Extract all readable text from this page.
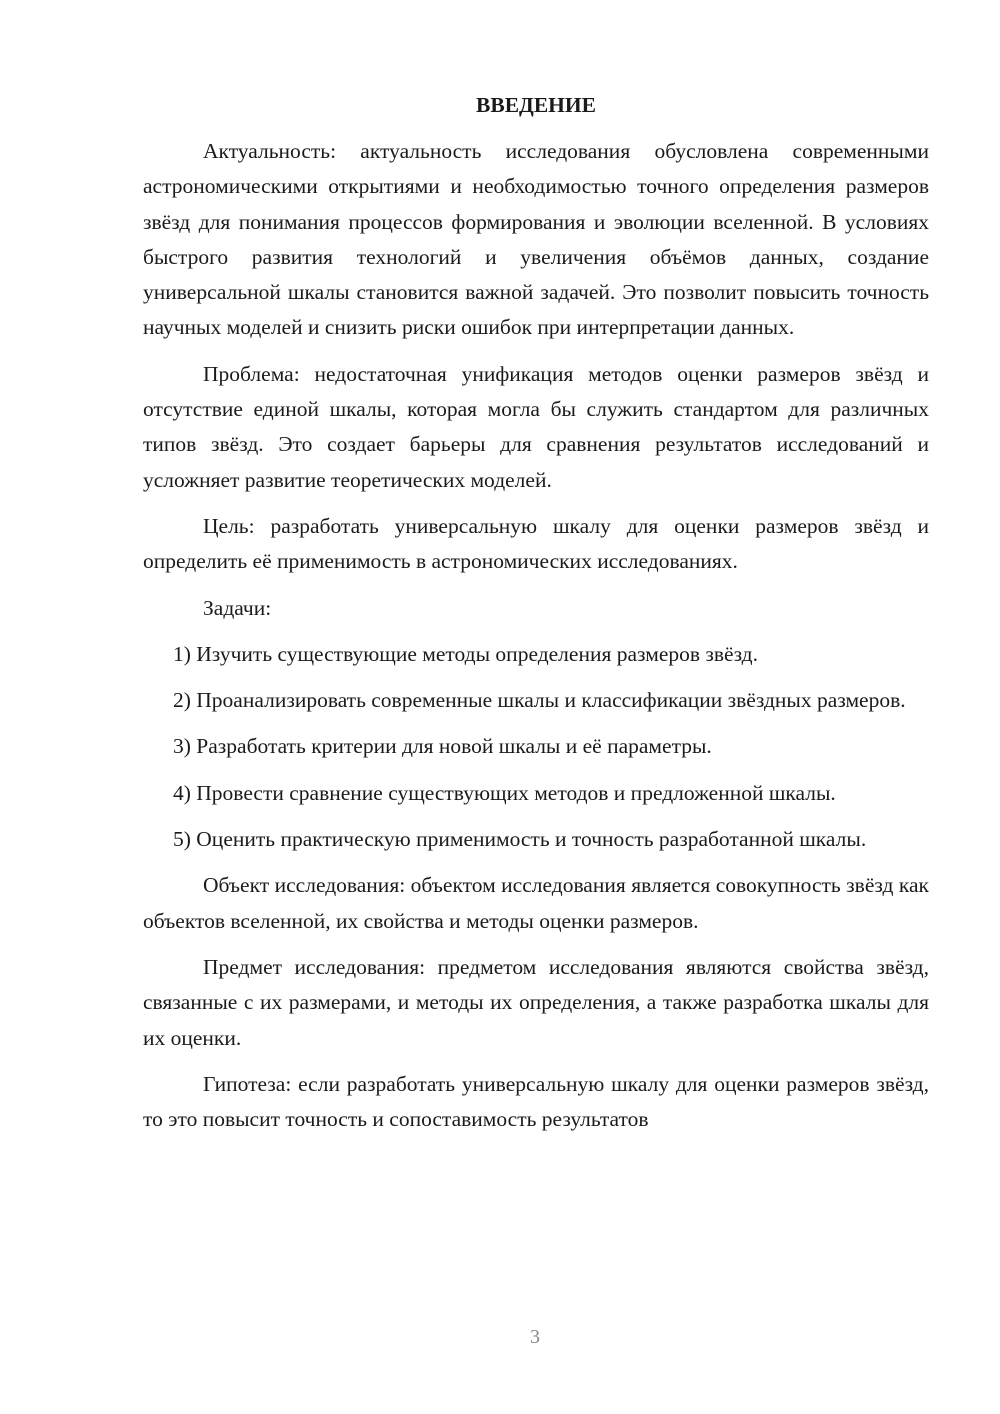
ВВЕДЕНИЕ

Актуальность: актуальность исследования обусловлена современными астрономическими открытиями и необходимостью точного определения размеров звёзд для понимания процессов формирования и эволюции вселенной. В условиях быстрого развития технологий и увеличения объёмов данных, создание универсальной шкалы становится важной задачей. Это позволит повысить точность научных моделей и снизить риски ошибок при интерпретации данных.

Проблема: недостаточная унификация методов оценки размеров звёзд и отсутствие единой шкалы, которая могла бы служить стандартом для различных типов звёзд. Это создает барьеры для сравнения результатов исследований и усложняет развитие теоретических моделей.

Цель: разработать универсальную шкалу для оценки размеров звёзд и определить её применимость в астрономических исследованиях.

Задачи:

1) Изучить существующие методы определения размеров звёзд.

2) Проанализировать современные шкалы и классификации звёздных размеров.

3) Разработать критерии для новой шкалы и её параметры.

4) Провести сравнение существующих методов и предложенной шкалы.

5) Оценить практическую применимость и точность разработанной шкалы.

Объект исследования: объектом исследования является совокупность звёзд как объектов вселенной, их свойства и методы оценки размеров.

Предмет исследования: предметом исследования являются свойства звёзд, связанные с их размерами, и методы их определения, а также разработка шкалы для их оценки.

Гипотеза: если разработать универсальную шкалу для оценки размеров звёзд, то это повысит точность и сопоставимость результатов

3
